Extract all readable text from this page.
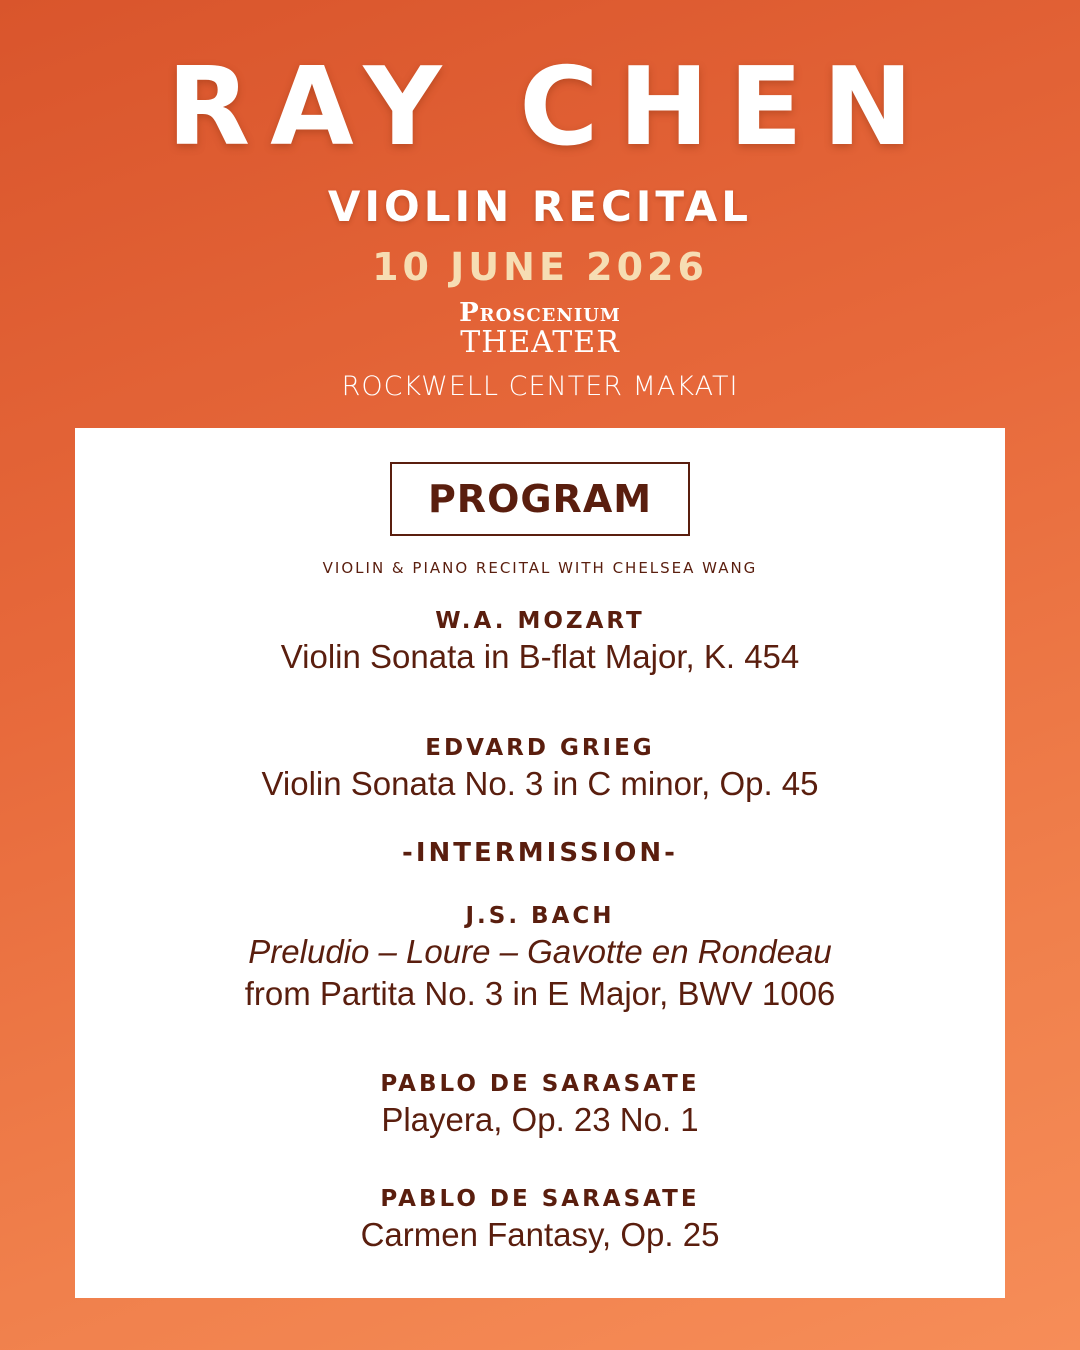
RAY CHEN
VIOLIN RECITAL
10 JUNE 2026
Proscenium
THEATER
ROCKWELL CENTER MAKATI
PROGRAM
VIOLIN & PIANO RECITAL WITH CHELSEA WANG
W.A. MOZART
Violin Sonata in B-flat Major, K. 454
EDVARD GRIEG
Violin Sonata No. 3 in C minor, Op. 45
-INTERMISSION-
J.S. BACH
Preludio – Loure – Gavotte en Rondeau
from Partita No. 3 in E Major, BWV 1006
PABLO DE SARASATE
Playera, Op. 23 No. 1
PABLO DE SARASATE
Carmen Fantasy, Op. 25
